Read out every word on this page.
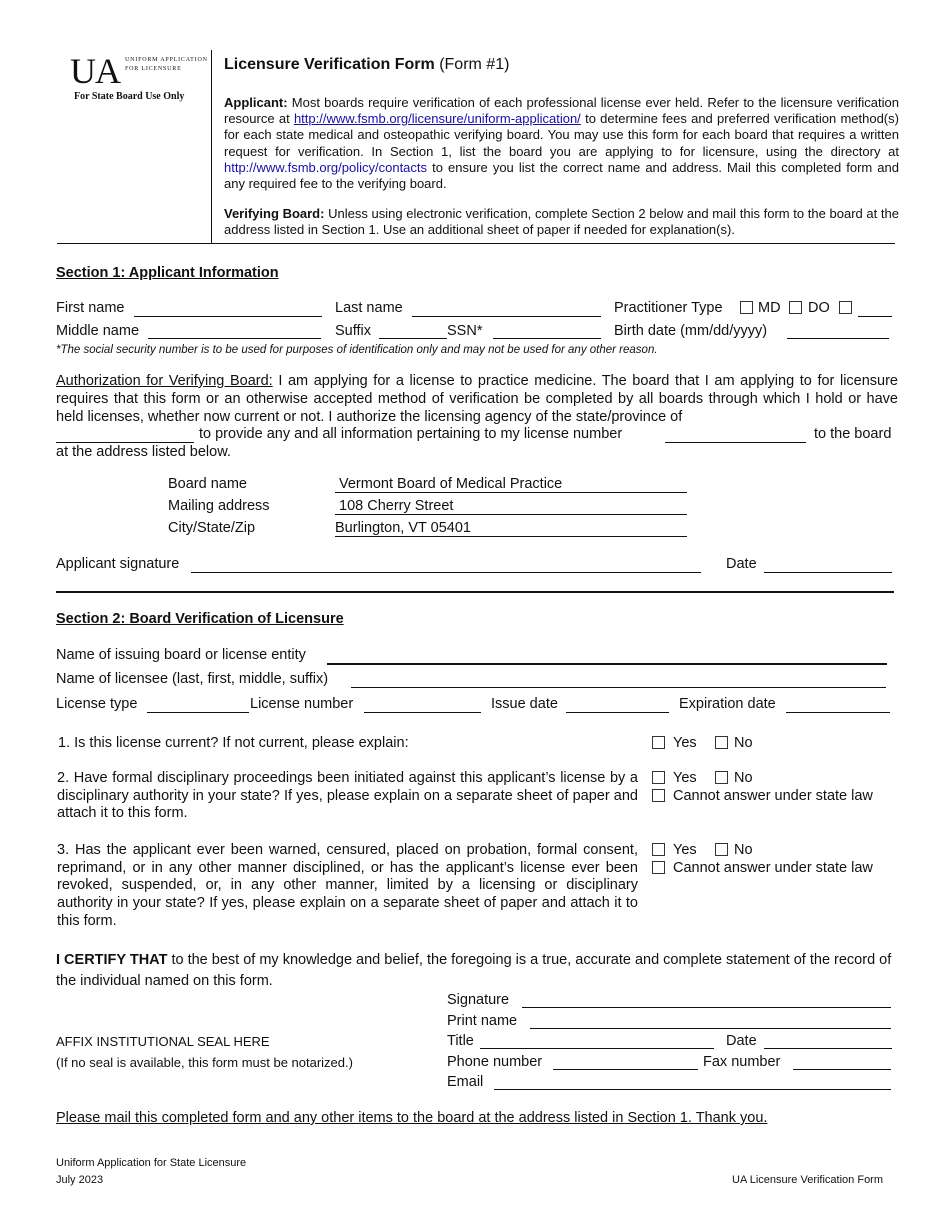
UA UNIFORM APPLICATION
FOR LICENSURE
For State Board Use Only
Licensure Verification Form (Form #1)
Applicant: Most boards require verification of each professional license ever held. Refer to the licensure verification resource at http://www.fsmb.org/licensure/uniform-application/ to determine fees and preferred verification method(s) for each state medical and osteopathic verifying board. You may use this form for each board that requires a written request for verification. In Section 1, list the board you are applying to for licensure, using the directory at http://www.fsmb.org/policy/contacts to ensure you list the correct name and address. Mail this completed form and any required fee to the verifying board.
Verifying Board: Unless using electronic verification, complete Section 2 below and mail this form to the board at the address listed in Section 1. Use an additional sheet of paper if needed for explanation(s).
Section 1: Applicant Information
First name	Last name	Practitioner Type MD DO
Middle name	Suffix	SSN*	Birth date (mm/dd/yyyy)
*The social security number is to be used for purposes of identification only and may not be used for any other reason.
Authorization for Verifying Board: I am applying for a license to practice medicine. The board that I am applying to for licensure requires that this form or an otherwise accepted method of verification be completed by all boards through which I hold or have held licenses, whether now current or not. I authorize the licensing agency of the state/province of
to provide any and all information pertaining to my license number	to the board
at the address listed below.
Board name	Vermont Board of Medical Practice
Mailing address	108 Cherry Street
City/State/Zip	Burlington, VT 05401
Applicant signature	Date
Section 2: Board Verification of Licensure
Name of issuing board or license entity
Name of licensee (last, first, middle, suffix)
License type	License number	Issue date	Expiration date
1. Is this license current? If not current, please explain:	Yes	No
2. Have formal disciplinary proceedings been initiated against this applicant’s license by a disciplinary authority in your state? If yes, please explain on a separate sheet of paper and attach it to this form.
Yes	No
Cannot answer under state law
3. Has the applicant ever been warned, censured, placed on probation, formal consent, reprimand, or in any other manner disciplined, or has the applicant’s license ever been revoked, suspended, or, in any other manner, limited by a licensing or disciplinary authority in your state? If yes, please explain on a separate sheet of paper and attach it to this form.
Yes	No
Cannot answer under state law
I CERTIFY THAT to the best of my knowledge and belief, the foregoing is a true, accurate and complete statement of the record of the individual named on this form.
AFFIX INSTITUTIONAL SEAL HERE
(If no seal is available, this form must be notarized.)
Signature
Print name
Title	Date
Phone number	Fax number
Email
Please mail this completed form and any other items to the board at the address listed in Section 1. Thank you.
Uniform Application for State Licensure
July 2023	UA Licensure Verification Form
